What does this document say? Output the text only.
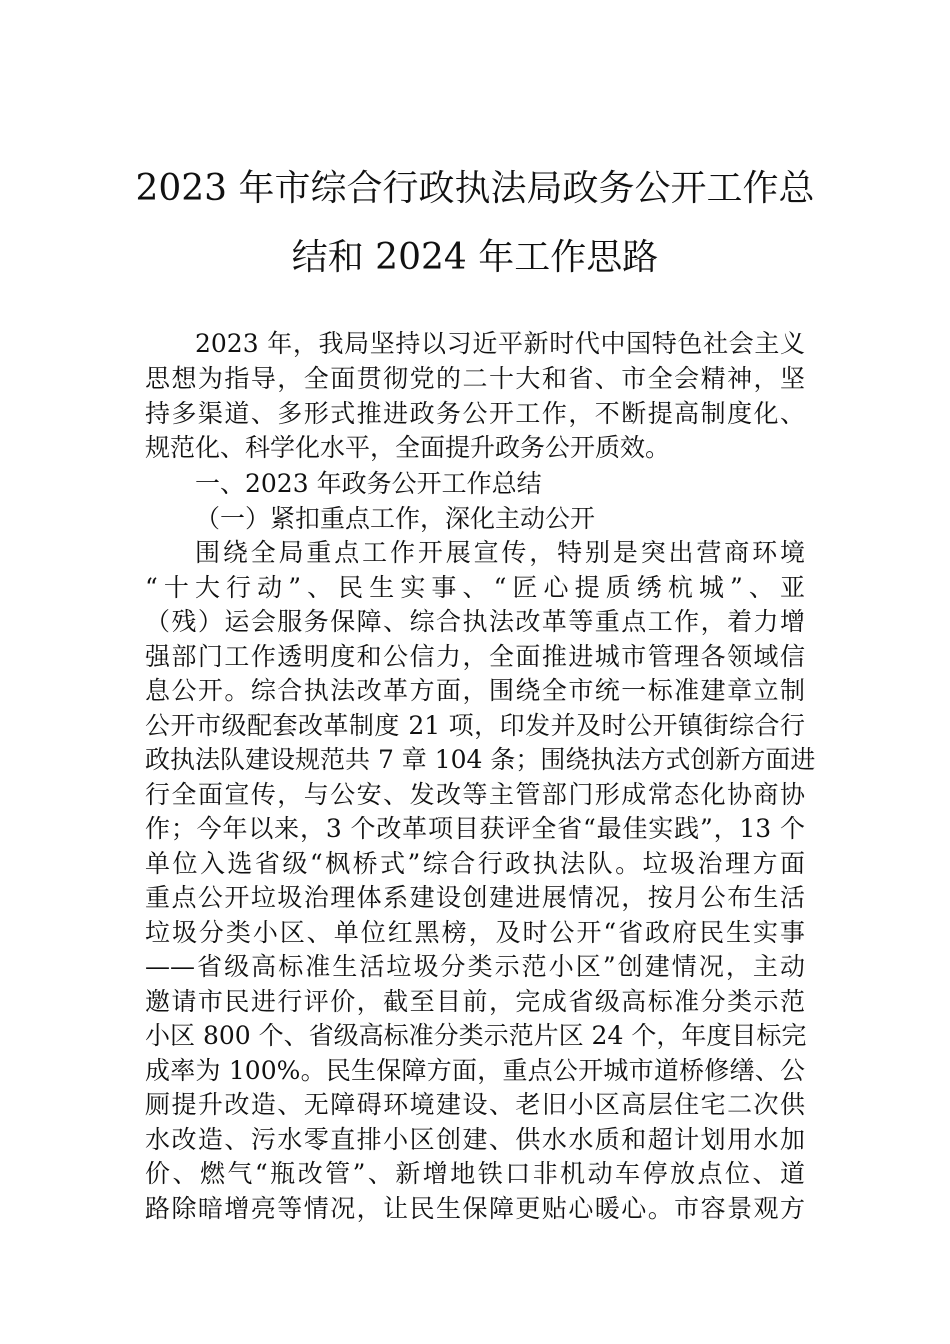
2023 年市综合行政执法局政务公开工作总
结和 2024 年工作思路
2023 年，我局坚持以习近平新时代中国特色社会主义
思想为指导，全面贯彻党的二十大和省、市全会精神，坚
持多渠道、多形式推进政务公开工作，不断提高制度化、
规范化、科学化水平，全面提升政务公开质效。
一、2023 年政务公开工作总结
（一）紧扣重点工作，深化主动公开
围绕全局重点工作开展宣传，特别是突出营商环境
“十大行动”、民生实事、“匠心提质绣杭城”、亚
（残）运会服务保障、综合执法改革等重点工作，着力增
强部门工作透明度和公信力，全面推进城市管理各领域信
息公开。综合执法改革方面，围绕全市统一标准建章立制
公开市级配套改革制度 21 项，印发并及时公开镇街综合行
政执法队建设规范共 7 章 104 条；围绕执法方式创新方面进
行全面宣传，与公安、发改等主管部门形成常态化协商协
作；今年以来，3 个改革项目获评全省“最佳实践”，13 个
单位入选省级“枫桥式”综合行政执法队。垃圾治理方面
重点公开垃圾治理体系建设创建进展情况，按月公布生活
垃圾分类小区、单位红黑榜，及时公开“省政府民生实事
——省级高标准生活垃圾分类示范小区”创建情况，主动
邀请市民进行评价，截至目前，完成省级高标准分类示范
小区 800 个、省级高标准分类示范片区 24 个，年度目标完
成率为 100%。民生保障方面，重点公开城市道桥修缮、公
厕提升改造、无障碍环境建设、老旧小区高层住宅二次供
水改造、污水零直排小区创建、供水水质和超计划用水加
价、燃气“瓶改管”、新增地铁口非机动车停放点位、道
路除暗增亮等情况，让民生保障更贴心暖心。市容景观方
